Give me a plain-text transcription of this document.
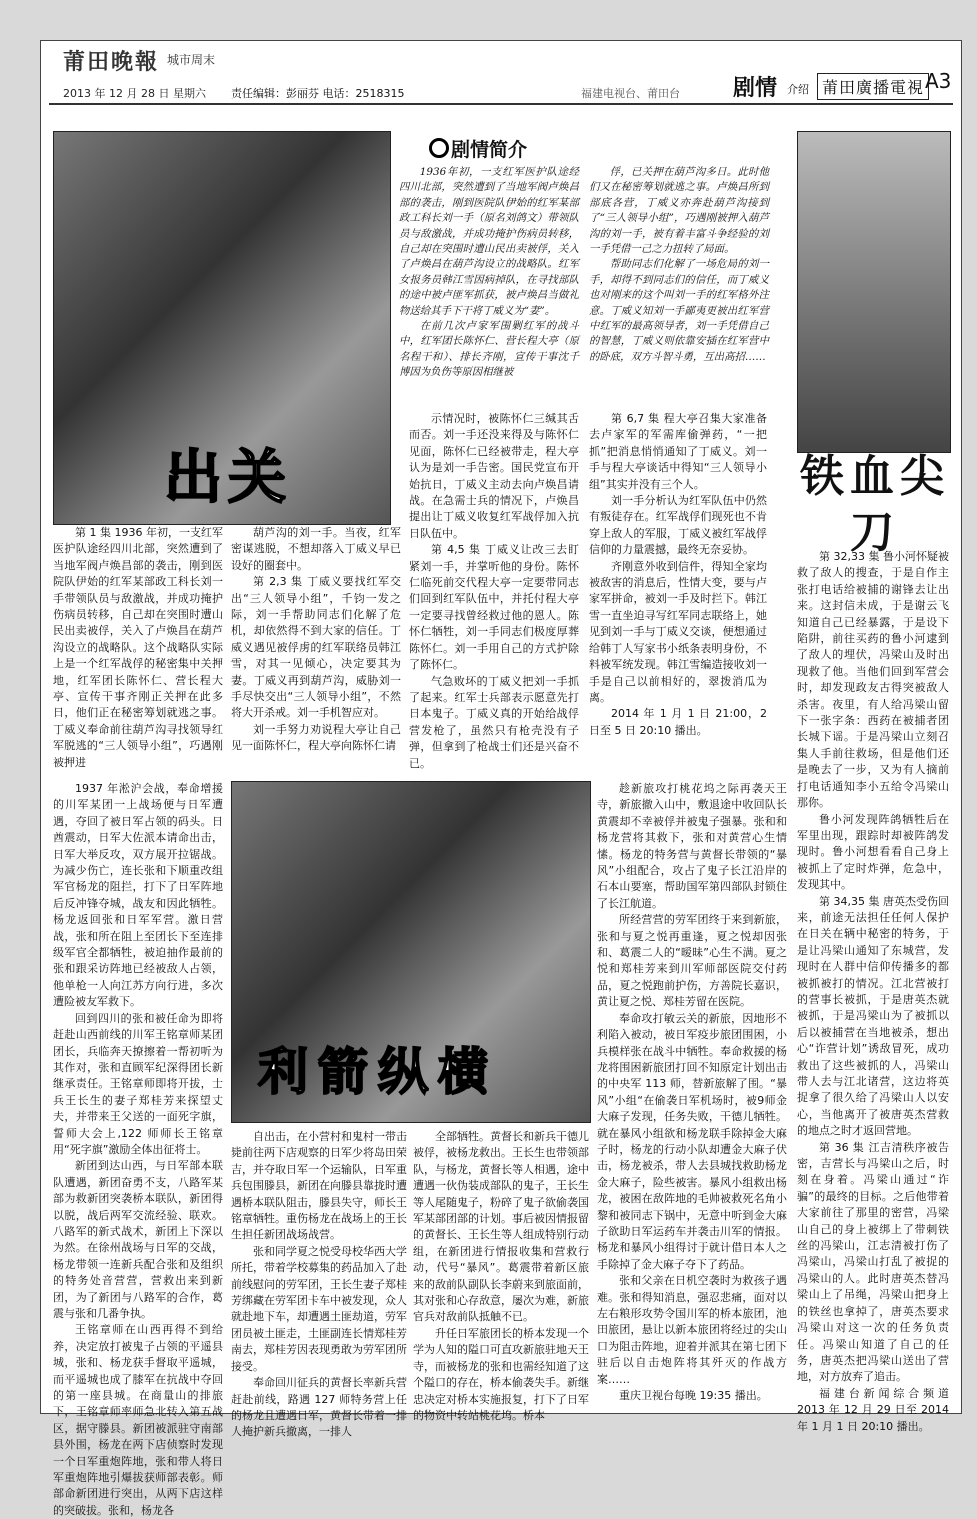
莆田晚報 城市周末
2013 年 12 月 28 日 星期六 责任编辑：彭丽芬 电话：2518315	福建电视台、莆田台 剧情 介绍 莆田廣播電視 A3
出关
剧情简介

1936年初，一支红军医护队途经四川北部，突然遭到了当地军阀卢焕昌部的袭击，刚到医院队伊始的红军某部政工科长刘一手（原名刘鸽文）带领队员与敌激战，并成功掩护伤病员转移，自己却在突围时遭山民出卖被俘，关入了卢焕昌在葫芦沟设立的战略队。红军女报务员韩江雪因病掉队，在寻找部队的途中被卢匪军抓获，被卢焕昌当做礼物送给其手下干将丁威义为“妻”。

在前几次卢家军围剿红军的战斗中，红军团长陈怀仁、营长程大亭（原名程干和）、排长齐刚，宣传干事沈千博因为负伤等原因相继被

俘，已关押在葫芦沟多日。此时他们又在秘密筹划就逃之事。卢焕昌所到部底各营，丁威义亦奔赴葫芦沟接到了“三人领导小组”，巧遇刚被押入葫芦沟的刘一手，被有着丰富斗争经验的刘一手凭借一己之力扭转了局面。

帮助同志们化解了一场危局的刘一手，却得不到同志们的信任，而丁威义也对刚来的这个叫刘一手的红军格外注意。丁威义知刘一手鄙夷更被出红军营中红军的最高领导者，刘一手凭借自己的智慧，丁威义则依靠安插在红军营中的卧底，双方斗智斗勇，互出高招……

铁血尖刀

第 1 集 1936 年初，一支红军医护队途经四川北部，突然遭到了当地军阀卢焕昌部的袭击，刚到医院队伊始的红军某部政工科长刘一手带领队员与敌激战，并成功掩护伤病员转移，自己却在突围时遭山民出卖被俘，关入了卢焕昌在葫芦沟设立的战略队。这个战略队实际上是一个红军战俘的秘密集中关押地，红军团长陈怀仁、营长程大亭、宣传干事齐刚正关押在此多日，他们正在秘密筹划就逃之事。丁威义奉命前往葫芦沟寻找领导红军脱逃的“三人领导小组”，巧遇刚被押进

葫芦沟的刘一手。当夜，红军密谋逃脱，不想却落入丁威义早已设好的圈套中。

第 2,3 集 丁威义要找红军交出“三人领导小组”，千钧一发之际，刘一手帮助同志们化解了危机，却依然得不到大家的信任。丁威义遇见被俘虏的红军联络员韩江雪，对其一见倾心，决定要其为妻。丁威义再到葫芦沟，威胁刘一手尽快交出“三人领导小组”，不然将大开杀戒。刘一手机智应对。

刘一手努力劝说程大亭让自己见一面陈怀仁，程大亭向陈怀仁请

示情况时，被陈怀仁三缄其舌而否。刘一手还没来得及与陈怀仁见面，陈怀仁已经被带走，程大亭认为是刘一手告密。国民党宣布开始抗日，丁威义主动去向卢焕昌请战。在急需士兵的情况下，卢焕昌提出让丁威义收复红军战俘加入抗日队伍中。

第 4,5 集 丁威义让改三去盯紧刘一手，并掌听他的身份。陈怀仁临死前交代程大亭一定要带同志们回到红军队伍中，并托付程大亭一定要寻找曾经救过他的恩人。陈怀仁牺牲，刘一手同志们极度厚葬陈怀仁。刘一手用自己的方式护除了陈怀仁。

气急败坏的丁威义把刘一手抓了起来。红军士兵部表示愿意先打日本鬼子。丁威义真的开始给战俘营发枪了，虽然只有枪壳没有子弹，但拿到了枪战士们还是兴奋不已。

第 6,7 集 程大亭召集大家准备去卢家军的军需库偷弹药，“一把抓”把消息悄悄通知了丁威义。刘一手与程大亭谈话中得知“三人领导小组”其实并没有三个人。

刘一手分析认为红军队伍中仍然有叛徒存在。红军战俘们现死也不肯穿上敌人的军服，丁威义被红军战俘信仰的力量震撼，最终无奈妥协。

齐刚意外收到信件，得知全家均被敌害的消息后，性情大变，要与卢家军拼命，被刘一手及时拦下。韩江雪一直坐迫寻写红军同志联络上，她见到刘一手与丁威义交谈，便想通过给韩丁人写家书小纸条表明身份，不料被军统发现。韩江雪编造接收刘一手是自己以前相好的，翠拨消瓜为离。

2014 年 1 月 1 日 21:00，2 日至 5 日 20:10 播出。

第 32,33 集 鲁小河怀疑被救了敌人的搜查，于是自作主张打电话给被捕的谢锋去让出来。这封信未成，于是谢云飞知道自己已经暴露，于是设下陷阱，前往买药的鲁小河逮到了敌人的埋伏，冯梁山及时出现救了他。当他们回到军营会时，却发现政友古得突被敌人杀害。夜里，有人给冯梁山留下一张字条：西药在被捕者团长城下谣。于是冯梁山立刻召集人手前往救场，但是他们还是晚去了一步，又为有人摘前打电话通知李小五给令冯梁山那你。

鲁小河发现阵鸽牺牲后在军里出现，跟踪时却被阵鸽发现时。鲁小河想看看自己身上被抓上了定时炸弹，危急中，发现其中。

第 34,35 集 唐英杰受伤回来，前途无法担任任何人保护在日关在辆中秘密的特务，于是让冯梁山通知了东城营，发现时在人群中信仰传播多的都被抓被打的情况。江北营被打的营事长被抓，于是唐英杰就被抓，于是冯梁山为了被抓以后以被捕营在当地被杀，想出心“诈营计划”诱敌冒死，成功救出了这些被抓的人，冯梁山带人去与江北诸营，这边将英捉拿了很久给了冯梁山人以安心，当他离开了被唐英杰营救的地点之时才返回营地。

第 36 集 江吉清秩序被告密，吉营长与冯梁山之后，时刻在身着。冯梁山通过“诈骗”的最终的目标。之后他带着大家前往了那里的密营，冯梁山自己的身上被绑上了带刺铁丝的冯梁山，江志清被打伤了冯梁山，冯梁山打乱了被捉的冯梁山的人。此时唐英杰替冯梁山上了吊绳，冯梁山把身上的铁丝也拿掉了，唐英杰要求冯梁山对这一次的任务负责任。冯梁山知道了自己的任务，唐英杰把冯梁山送出了营地，对方放弃了追击。

福建台新闻综合频道 2013 年 12 月 29 日至 2014 年 1 月 1 日 20:10 播出。

利箭纵横

1937 年淞沪会战，奉命增援的川军某团一上战场便与日军遭遇，夺回了被日军占领的码头。日酋震动，日军大佐派本请命出击，日军大举反攻，双方展开拉锯战。为减少伤亡，连长张和下顺重改组军官杨龙的阻拦，打下了日军阵地后反冲锋夺城，战友和因此牺牲。杨龙返回张和日军军营。激日营战，张和所在阻上至团长下至连排级军官全都牺牲，被迫抽作最前的张和跟采访阵地已经被敌人占领，他单枪一人向江苏方向行进，多次遭险被友军救下。

回到四川的张和被任命为即将赶赴山西前线的川军王铭章师某团团长，兵临奔天撩擦着一帮初听为其作对，张和直顾军纪深得团长新继承责任。王铭章师即将开拔，士兵王长生的妻子郑桂芳来探望丈夫，并带来王父送的一面死字旗，誓师大会上,122 师师长王铭章用“死字旗”激励全体出征将士。

新团到达山西，与日军部本联队遭遇，新团奋勇不支，八路军某部为救新团突袭桥本联队，新团得以脱，战后两军交流经验、联欢。八路军的新式战术，新团上下深以为然。在徐州战场与日军的交战，杨龙带领一连新兵配合张和及组织的特务处音营营，营救出来到新团，为了新团与八路军的合作，葛震与张和几番争执。

王铭章师在山西再得不到给养，决定放打被鬼子占领的平遥县城，张和、杨龙获手督取平遥城，而平遥城也成了膝军在抗战中夺回的第一座县城。在商量山的排旅下，王铭章师率师急北转入第五战区，据守滕县。新团被派驻守南部县外围，杨龙在两下店侦察时发现一个日军重炮阵地，张和带人将日军重炮阵地引爆拔获师部表彰。师部命新团进行突出，从两下店这样的突破拔。张和，杨龙各

自出击，在小营村和鬼村一带击毙前往两下店观察的日军少将岛田荣吉，并夺取日军一个运输队，日军重兵包围滕县，新团在向滕县靠拢时遭遇桥本联队阻击，滕县失守，师长王铭章牺牲。重伤杨龙在战场上的王长生担任新团战场战营。

张和同学夏之悦受母校华西大学所托，带着学校募集的药品加入了赴前线慰问的劳军团，王长生妻子郑桂芳绑藏在劳军团卡车中被发现，众人就赴地下车，却遭遇土匪劫道，劳军团员被土匪走，土匪副连长情郑桂芳南去，郑桂芳因表现勇敢为劳军团所接受。

奉命回川征兵的黄督长率新兵营赶赴前线，路遇 127 师特务营上任的杨龙且遭遇日军，黄督长带着一排人掩护新兵撤离，一排人

全部牺牲。黄督长和新兵干德儿被俘，被杨龙救出。王长生也带领部队，与杨龙，黄督长等人相遇，途中遭遇一伙伪装成部队的鬼子，王长生等人尾随鬼子，粉碎了鬼子欲偷袭国军某部团部的计划。事后被因情报留的黄督长、王长生等人组成特别行动组，在新团进行情报收集和营救行动，代号“暴风”。葛震带着新区旅来的敌前队副队长李蔚来到旅面前，其对张和心存敌意，屡次为难，新旅官兵对敌前队抵触不已。

升任日军旅团长的桥本发现一个学为人知的隘口可直攻新旅驻地天王寺，而被杨龙的张和也需经知道了这个隘口的存在，桥本偷袭失手。新继忠决定对桥本实施报复，打下了日军的物资中转站桃花坞。桥本

趁新旅攻打桃花坞之际再袭天王寺，新旅撤入山中，敷退途中收回队长黄震却不幸被俘并被鬼子强暴。张和和杨龙营将其救下，张和对黄营心生情愫。杨龙的特务营与黄督长带领的“暴风”小组配合，攻占了鬼子长江沿岸的石本山要塞，帮助国军第四部队封锁住了长江航道。

所经营营的劳军团终于来到新旅，张和与夏之悦再重逢，夏之悦却因张和、葛震二人的“暧昧”心生不满。夏之悦和郑桂芳来到川军师部医院交付药品，夏之悦跑前护伤，方善院长嘉识，黄让夏之悦、郑桂芳留在医院。

奉命攻打敏云关的新旅，因地形不利陷入被动，被日军疫步旅团围困，小兵模样张在战斗中牺牲。奉命救援的杨龙将围困新旅团打回不知原定计划出击的中央军 113 师，替新旅解了围。“暴风”小组“在偷袭日军机场时，被9师金大麻子发现，任务失败，干德儿牺牲。就在暴风小组欲和杨龙联手除掉金大麻子时，杨龙的行动小队却遭金大麻子伏击，杨龙被杀，带人去县城找救助杨龙金大麻子，险些被害。暴风小组救出杨龙，被困在敌阵地的毛帅被救死名角小黎和被同志下锅中，无意中听到金大麻子欲助日军运药车并袭击川军的情报。杨龙和暴风小组得讨于就计借日本人之手除掉了金大麻子夺下了药品。

张和父亲在日机空袭时为救孩子遇难。张和得知消息，强忍悲痛，面对以左右粮形攻势令国川军的桥本旅团，池田旅团，悬让以新本旅团将经过的尖山口为阻击阵地，迎着并派其在第七团下驻后以自击炮阵将其歼灭的作战方案……

重庆卫视台每晚 19:35 播出。
